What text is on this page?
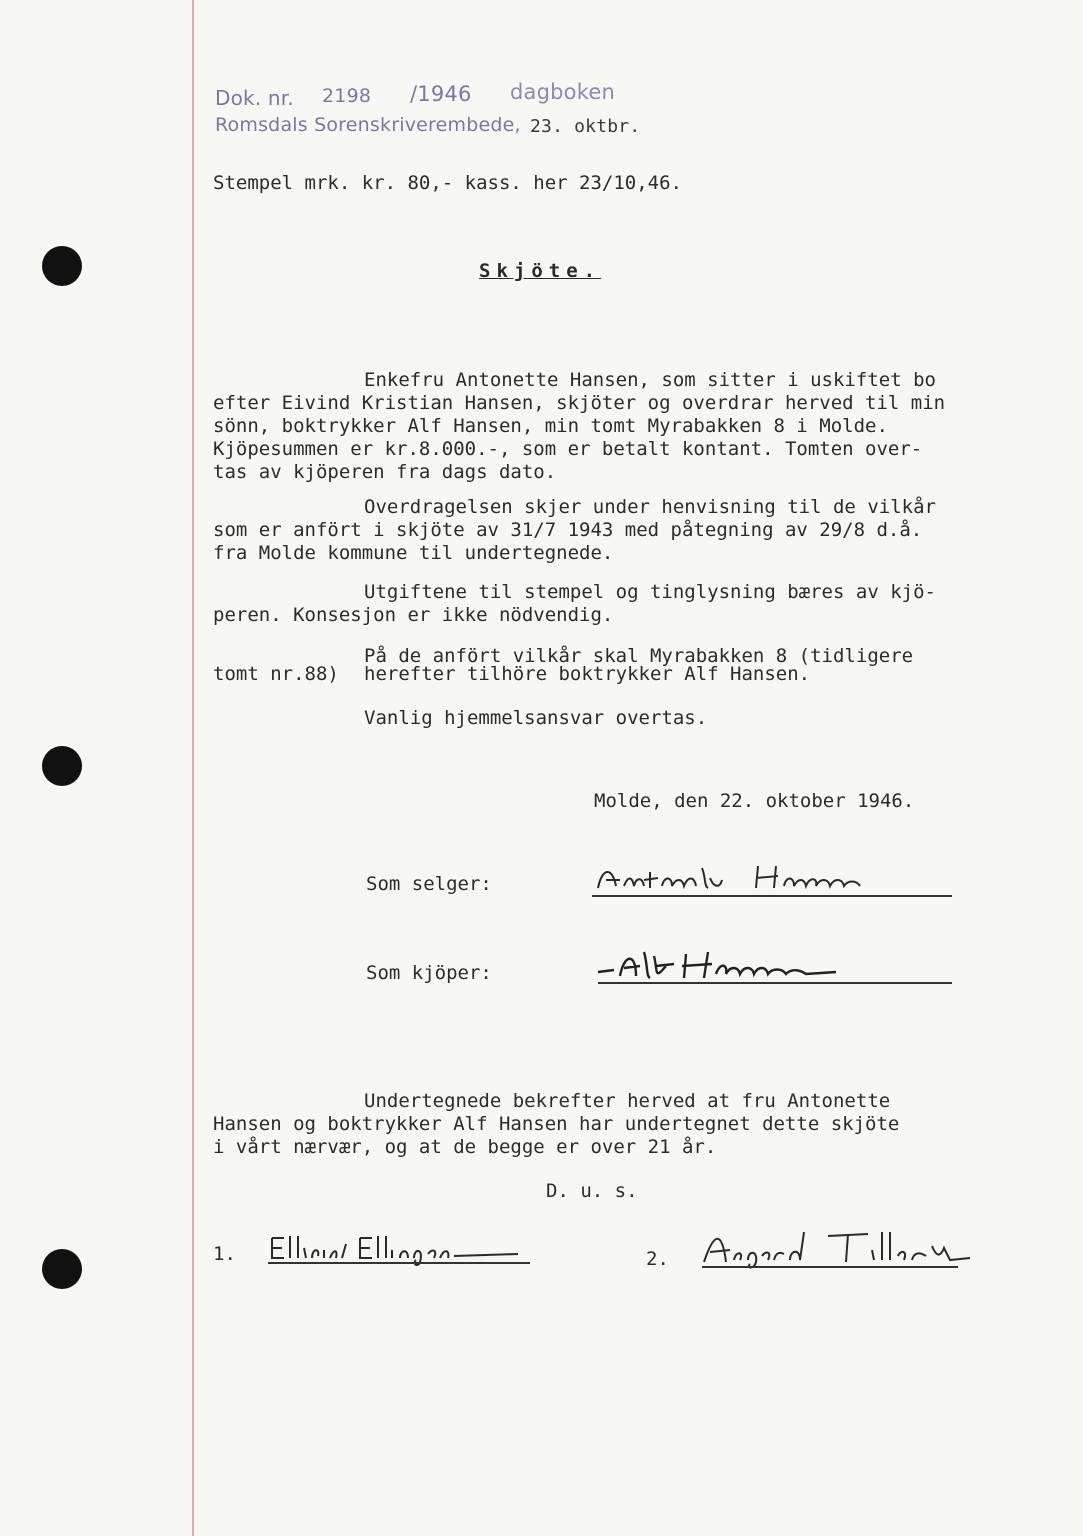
Dok. nr. 2198 /1946 dagboken
Romsdals Sorenskriverembede, 23. oktbr.
Stempel mrk. kr. 80,- kass. her 23/10,46.
Skjöte.
Enkefru Antonette Hansen, som sitter i uskiftet bo
efter Eivind Kristian Hansen, skjöter og overdrar herved til min
sönn, boktrykker Alf Hansen, min tomt Myrabakken 8 i Molde.
Kjöpesummen er kr.8.000.-, som er betalt kontant. Tomten over-
tas av kjöperen fra dags dato.
Overdragelsen skjer under henvisning til de vilkår
som er anfört i skjöte av 31/7 1943 med påtegning av 29/8 d.å.
fra Molde kommune til undertegnede.
Utgiftene til stempel og tinglysning bæres av kjö-
peren. Konsesjon er ikke nödvendig.
På de anfört vilkår skal Myrabakken 8 (tidligere
tomt nr.88) herefter tilhöre boktrykker Alf Hansen.
Vanlig hjemmelsansvar overtas.
Molde, den 22. oktober 1946.
Som selger:
Som kjöper:
Undertegnede bekrefter herved at fru Antonette
Hansen og boktrykker Alf Hansen har undertegnet dette skjöte
i vårt nærvær, og at de begge er over 21 år.
D. u. s.
1.	2.
